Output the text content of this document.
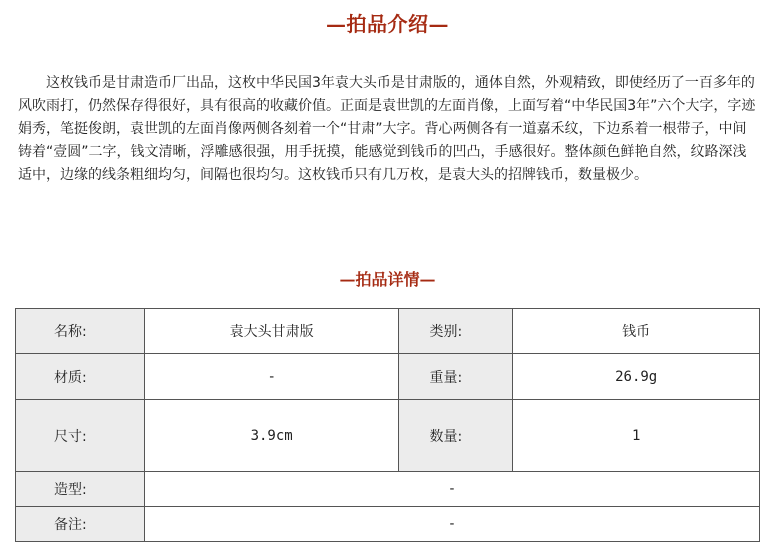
—拍品介绍—

这枚钱币是甘肃造币厂出品，这枚中华民国3年袁大头币是甘肃版的，通体自然，外观精致，即使经历了一百多年的风吹雨打，仍然保存得很好，具有很高的收藏价值。正面是袁世凯的左面肖像，上面写着“中华民国3年”六个大字，字迹娟秀，笔挺俊朗，袁世凯的左面肖像两侧各刻着一个“甘肃”大字。背心两侧各有一道嘉禾纹，下边系着一根带子，中间铸着“壹圆”二字，钱文清晰，浮雕感很强，用手抚摸，能感觉到钱币的凹凸，手感很好。整体颜色鲜艳自然，纹路深浅适中，边缘的线条粗细均匀，间隔也很均匀。这枚钱币只有几万枚，是袁大头的招牌钱币，数量极少。

—拍品详情—
名称:	袁大头甘肃版	类别:	钱币
材质:	-	重量:	26.9g
尺寸:	3.9cm	数量:	1
造型:	-		
备注:	-		
